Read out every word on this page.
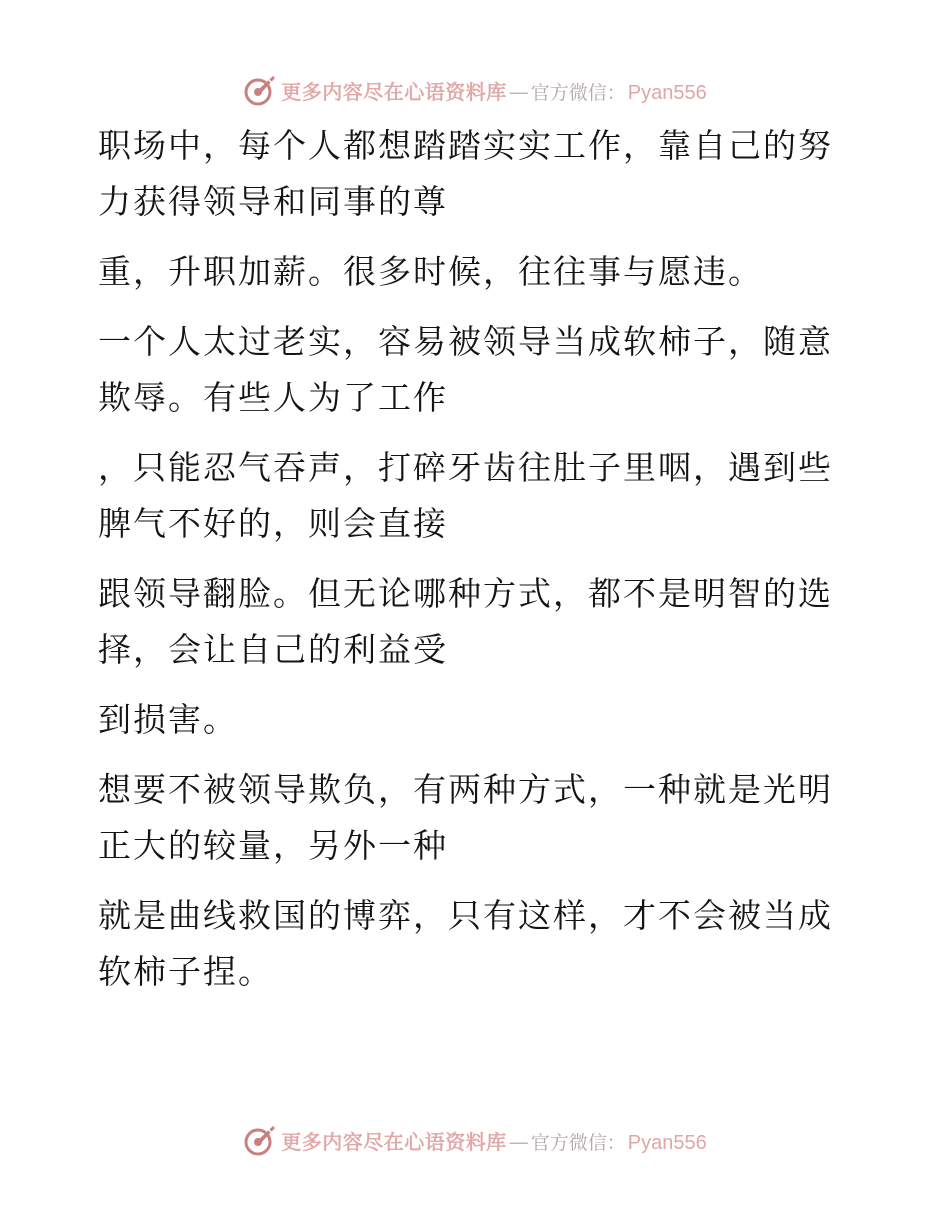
更多内容尽在心语资料库 — 官方微信： Pyan556

职场中，每个人都想踏踏实实工作，靠自己的努力获得领导和同事的尊

重，升职加薪。很多时候，往往事与愿违。

一个人太过老实，容易被领导当成软柿子，随意欺辱。有些人为了工作

，只能忍气吞声，打碎牙齿往肚子里咽，遇到些脾气不好的，则会直接

跟领导翻脸。但无论哪种方式，都不是明智的选择，会让自己的利益受

到损害。

想要不被领导欺负，有两种方式，一种就是光明正大的较量，另外一种

就是曲线救国的博弈，只有这样，才不会被当成软柿子捏。

更多内容尽在心语资料库 — 官方微信： Pyan556
